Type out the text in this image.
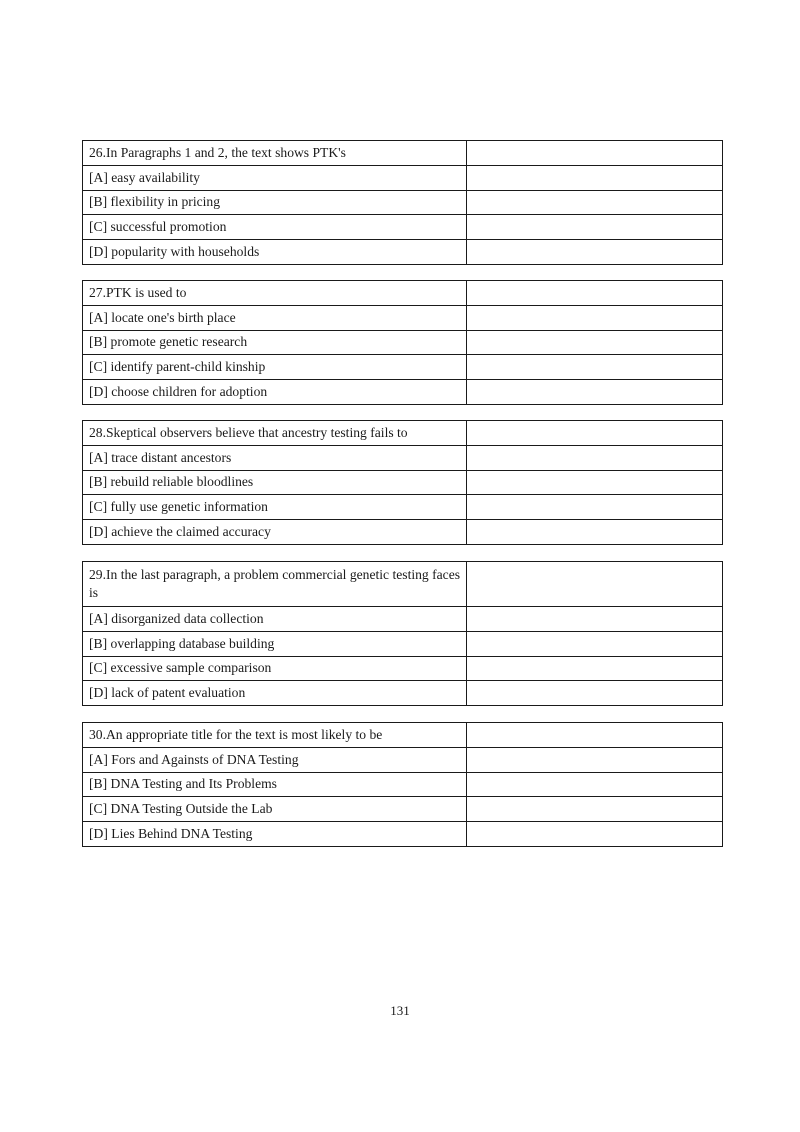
26.In Paragraphs 1 and 2, the text shows PTK's	
[A] easy availability	
[B] flexibility in pricing	
[C] successful promotion	
[D] popularity with households	
27.PTK is used to	
[A] locate one's birth place	
[B] promote genetic research	
[C] identify parent-child kinship	
[D] choose children for adoption	
28.Skeptical observers believe that ancestry testing fails to	
[A] trace distant ancestors	
[B] rebuild reliable bloodlines	
[C] fully use genetic information	
[D] achieve the claimed accuracy	
29.In the last paragraph, a problem commercial genetic testing faces is	
[A] disorganized data collection	
[B] overlapping database building	
[C] excessive sample comparison	
[D] lack of patent evaluation	
30.An appropriate title for the text is most likely to be	
[A] Fors and Againsts of DNA Testing	
[B] DNA Testing and Its Problems	
[C] DNA Testing Outside the Lab	
[D] Lies Behind DNA Testing	
131
